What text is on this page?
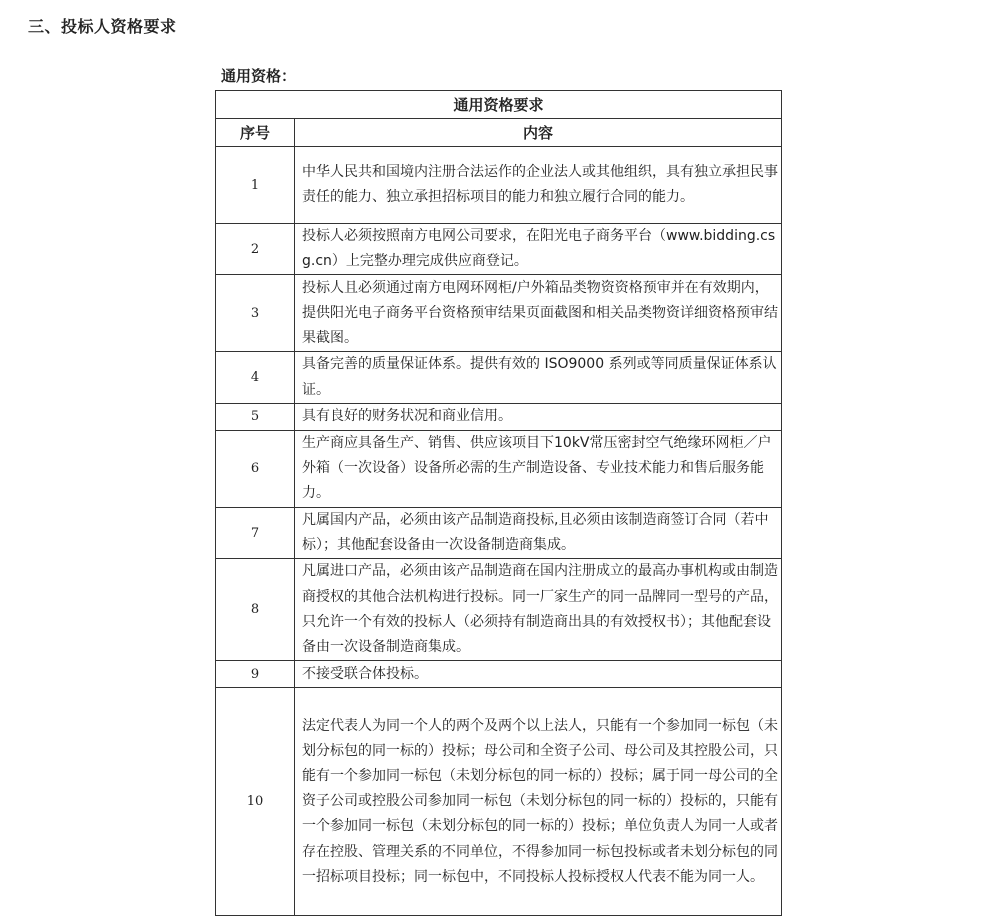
三、投标人资格要求
通用资格：
通用资格要求	
序号	内容
1	中华人民共和国境内注册合法运作的企业法人或其他组织，具有独立承担民事责任的能力、独立承担招标项目的能力和独立履行合同的能力。
2	投标人必须按照南方电网公司要求，在阳光电子商务平台（www.bidding.csg.cn）上完整办理完成供应商登记。
3	投标人且必须通过南方电网环网柜/户外箱品类物资资格预审并在有效期内，提供阳光电子商务平台资格预审结果页面截图和相关品类物资详细资格预审结果截图。
4	具备完善的质量保证体系。提供有效的 ISO9000 系列或等同质量保证体系认证。
5	具有良好的财务状况和商业信用。
6	生产商应具备生产、销售、供应该项目下10kV常压密封空气绝缘环网柜／户外箱（一次设备）设备所必需的生产制造设备、专业技术能力和售后服务能力。
7	凡属国内产品，必须由该产品制造商投标,且必须由该制造商签订合同（若中标）；其他配套设备由一次设备制造商集成。
8	凡属进口产品，必须由该产品制造商在国内注册成立的最高办事机构或由制造商授权的其他合法机构进行投标。同一厂家生产的同一品牌同一型号的产品，只允许一个有效的投标人（必须持有制造商出具的有效授权书）；其他配套设备由一次设备制造商集成。
9	不接受联合体投标。
10	法定代表人为同一个人的两个及两个以上法人，只能有一个参加同一标包（未划分标包的同一标的）投标；母公司和全资子公司、母公司及其控股公司，只能有一个参加同一标包（未划分标包的同一标的）投标；属于同一母公司的全资子公司或控股公司参加同一标包（未划分标包的同一标的）投标的，只能有一个参加同一标包（未划分标包的同一标的）投标；单位负责人为同一人或者存在控股、管理关系的不同单位，不得参加同一标包投标或者未划分标包的同一招标项目投标；同一标包中，不同投标人投标授权人代表不能为同一人。
